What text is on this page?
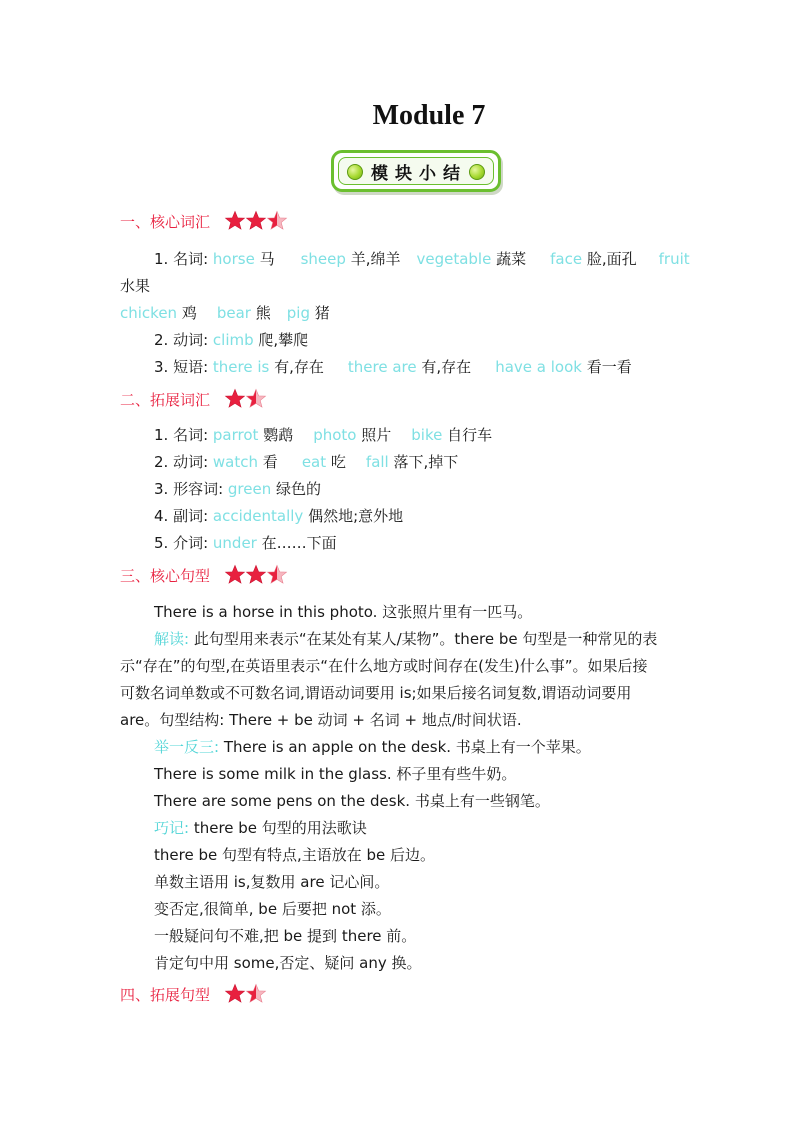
Module 7
模块小结
一、核心词汇
1. 名词: horse 马 sheep 羊,绵羊 vegetable 蔬菜 face 脸,面孔 fruit
水果
chicken 鸡 bear 熊 pig 猪
2. 动词: climb 爬,攀爬
3. 短语: there is 有,存在 there are 有,存在 have a look 看一看
二、拓展词汇
1. 名词: parrot 鹦鹉 photo 照片 bike 自行车
2. 动词: watch 看 eat 吃 fall 落下,掉下
3. 形容词: green 绿色的
4. 副词: accidentally 偶然地;意外地
5. 介词: under 在……下面
三、核心句型
There is a horse in this photo. 这张照片里有一匹马。
解读: 此句型用来表示“在某处有某人/某物”。there be 句型是一种常见的表
示“存在”的句型,在英语里表示“在什么地方或时间存在(发生)什么事”。如果后接
可数名词单数或不可数名词,谓语动词要用 is;如果后接名词复数,谓语动词要用
are。句型结构: There + be 动词 + 名词 + 地点/时间状语.
举一反三: There is an apple on the desk. 书桌上有一个苹果。
There is some milk in the glass. 杯子里有些牛奶。
There are some pens on the desk. 书桌上有一些钢笔。
巧记: there be 句型的用法歌诀
there be 句型有特点,主语放在 be 后边。
单数主语用 is,复数用 are 记心间。
变否定,很简单, be 后要把 not 添。
一般疑问句不难,把 be 提到 there 前。
肯定句中用 some,否定、疑问 any 换。
四、拓展句型
